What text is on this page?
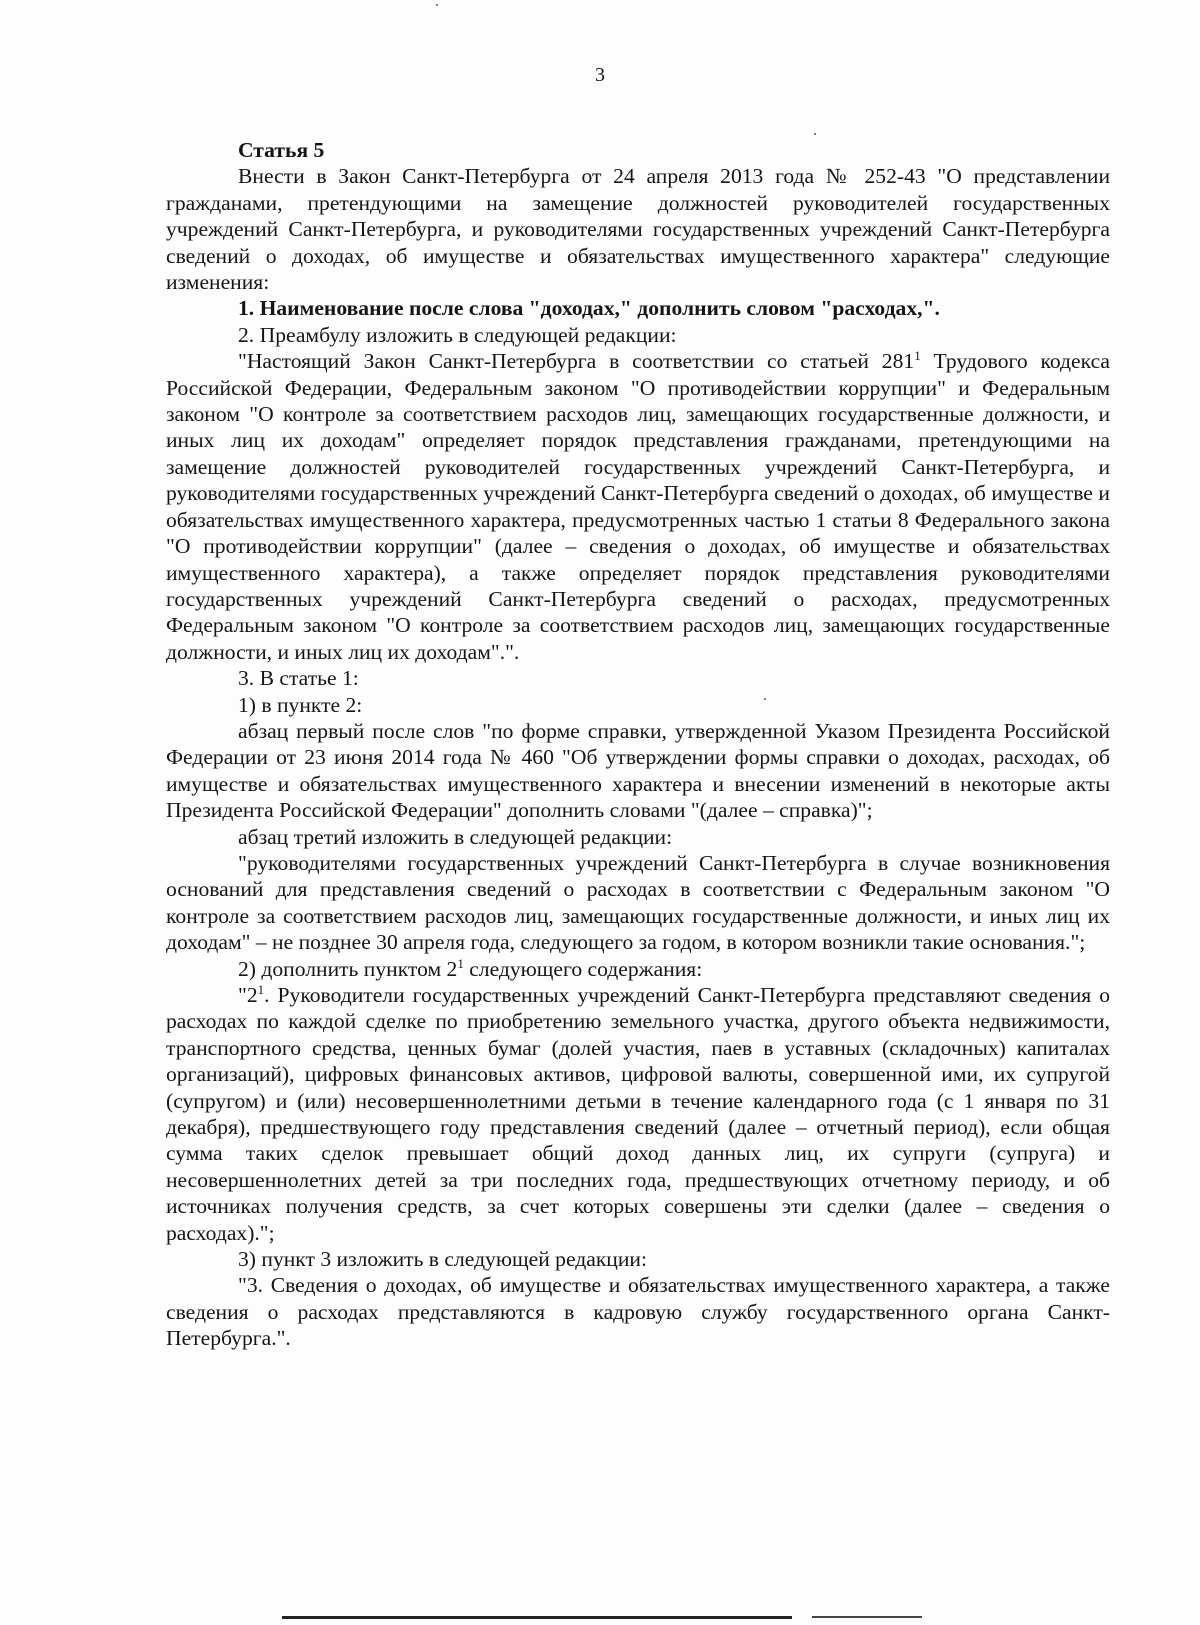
3

Статья 5

Внести в Закон Санкт-Петербурга от 24 апреля 2013 года № 252-43 "О представлении гражданами, претендующими на замещение должностей руководителей государственных учреждений Санкт-Петербурга, и руководителями государственных учреждений Санкт-Петербурга сведений о доходах, об имуществе и обязательствах имущественного характера" следующие изменения:

1. Наименование после слова "доходах," дополнить словом "расходах,".

2. Преамбулу изложить в следующей редакции:

"Настоящий Закон Санкт-Петербурга в соответствии со статьей $281^1$ Трудового кодекса Российской Федерации, Федеральным законом "О противодействии коррупции" и Федеральным законом "О контроле за соответствием расходов лиц, замещающих государственные должности, и иных лиц их доходам" определяет порядок представления гражданами, претендующими на замещение должностей руководителей государственных учреждений Санкт-Петербурга, и руководителями государственных учреждений Санкт-Петербурга сведений о доходах, об имуществе и обязательствах имущественного характера, предусмотренных частью 1 статьи 8 Федерального закона "О противодействии коррупции" (далее – сведения о доходах, об имуществе и обязательствах имущественного характера), а также определяет порядок представления руководителями государственных учреждений Санкт-Петербурга сведений о расходах, предусмотренных Федеральным законом "О контроле за соответствием расходов лиц, замещающих государственные должности, и иных лиц их доходам".".

3. В статье 1:

1) в пункте 2:

абзац первый после слов "по форме справки, утвержденной Указом Президента Российской Федерации от 23 июня 2014 года № 460 "Об утверждении формы справки о доходах, расходах, об имуществе и обязательствах имущественного характера и внесении изменений в некоторые акты Президента Российской Федерации" дополнить словами "(далее – справка)";

абзац третий изложить в следующей редакции:

"руководителями государственных учреждений Санкт-Петербурга в случае возникновения оснований для представления сведений о расходах в соответствии с Федеральным законом "О контроле за соответствием расходов лиц, замещающих государственные должности, и иных лиц их доходам" – не позднее 30 апреля года, следующего за годом, в котором возникли такие основания.";

2) дополнить пунктом $2^1$ следующего содержания:

"$2^1$. Руководители государственных учреждений Санкт-Петербурга представляют сведения о расходах по каждой сделке по приобретению земельного участка, другого объекта недвижимости, транспортного средства, ценных бумаг (долей участия, паев в уставных (складочных) капиталах организаций), цифровых финансовых активов, цифровой валюты, совершенной ими, их супругой (супругом) и (или) несовершеннолетними детьми в течение календарного года (с 1 января по 31 декабря), предшествующего году представления сведений (далее – отчетный период), если общая сумма таких сделок превышает общий доход данных лиц, их супруги (супруга) и несовершеннолетних детей за три последних года, предшествующих отчетному периоду, и об источниках получения средств, за счет которых совершены эти сделки (далее – сведения о расходах).";

3) пункт 3 изложить в следующей редакции:

"3. Сведения о доходах, об имуществе и обязательствах имущественного характера, а также сведения о расходах представляются в кадровую службу государственного органа Санкт-Петербурга.".
